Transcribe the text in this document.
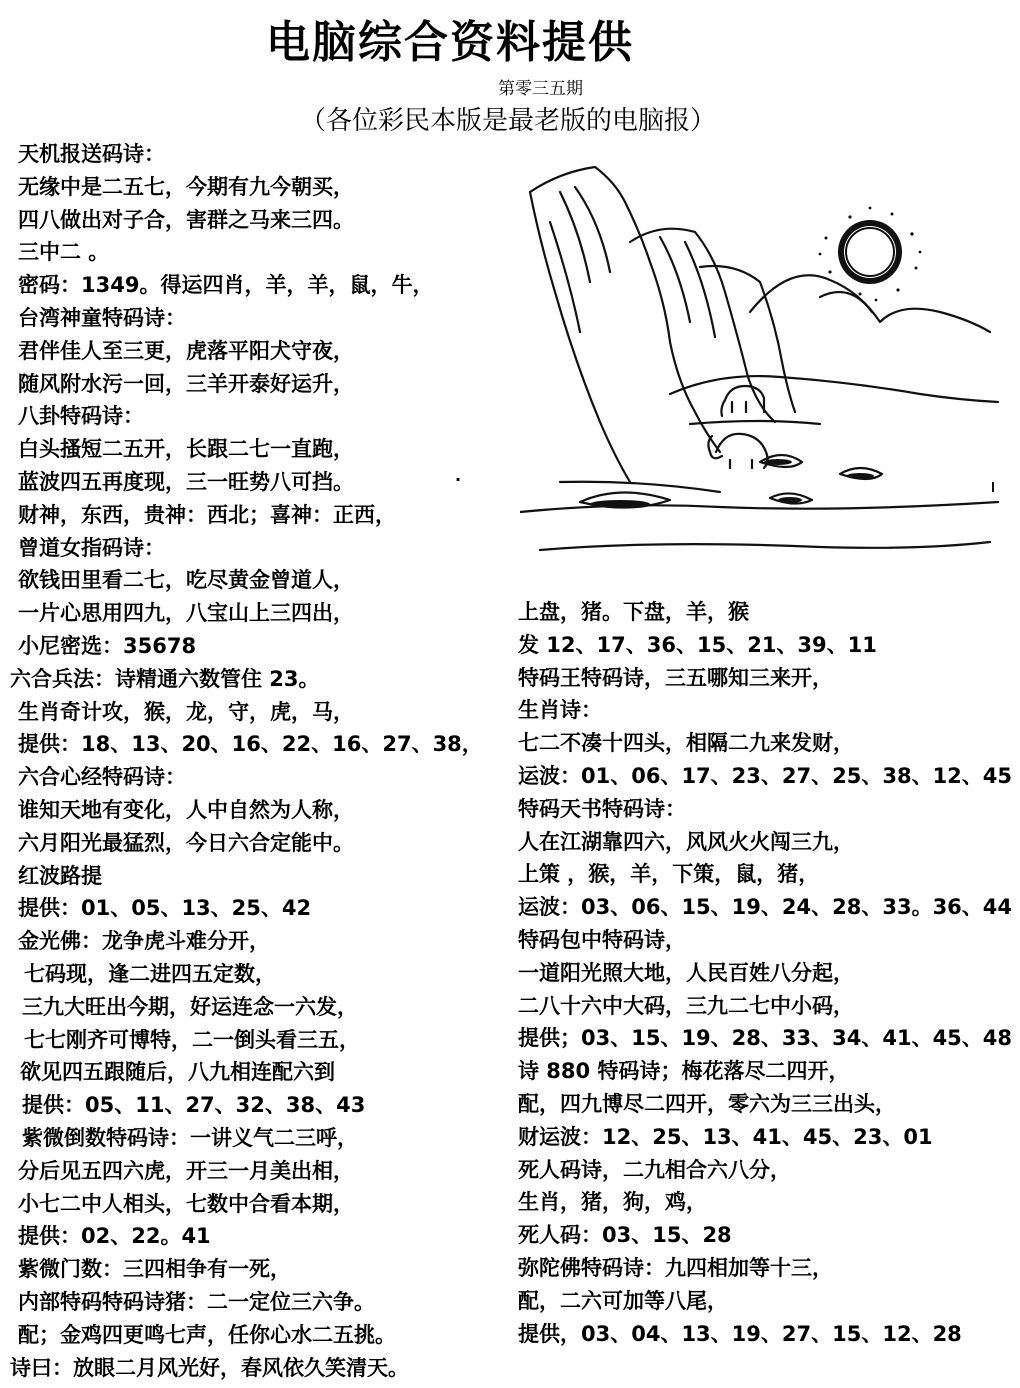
电脑综合资料提供
第零三五期
（各位彩民本版是最老版的电脑报）
天机报送码诗：
无缘中是二五七，今期有九今朝买，
四八做出对子合，害群之马来三四。
三中二 。
密码：1349。得运四肖，羊，羊，鼠，牛，
台湾神童特码诗：
君伴佳人至三更，虎落平阳犬守夜，
随风附水污一回，三羊开泰好运升，
八卦特码诗：
白头搔短二五开，长跟二七一直跑，
蓝波四五再度现，三一旺势八可挡。
财神，东西，贵神：西北；喜神：正西，
曾道女指码诗：
欲钱田里看二七，吃尽黄金曾道人，
一片心思用四九，八宝山上三四出，
小尼密选：35678
六合兵法：诗精通六数管住 23。
生肖奇计攻，猴，龙，守，虎，马，
提供：18、13、20、16、22、16、27、38，
六合心经特码诗：
谁知天地有变化，人中自然为人称，
六月阳光最猛烈，今日六合定能中。
红波路提
提供：01、05、13、25、42
金光佛：龙争虎斗难分开，
七码现，逢二进四五定数，
三九大旺出今期，好运连念一六发，
七七刚齐可博特，二一倒头看三五，
欲见四五跟随后，八九相连配六到
提供：05、11、27、32、38、43
紫微倒数特码诗：一讲义气二三呼，
分后见五四六虎，开三一月美出相，
小七二中人相头，七数中合看本期，
提供：02、22。41
紫微门数：三四相争有一死，
内部特码特码诗猪：二一定位三六争。
配；金鸡四更鸣七声，任你心水二五挑。
诗曰：放眼二月风光好，春风依久笑清天。
上盘，猪。下盘，羊，猴
发 12、17、36、15、21、39、11
特码王特码诗，三五哪知三来开，
生肖诗：
七二不凑十四头，相隔二九来发财，
运波：01、06、17、23、27、25、38、12、45
特码天书特码诗：
人在江湖靠四六，风风火火闯三九，
上策 ，猴，羊，下策，鼠，猪，
运波：03、06、15、19、24、28、33。36、44
特码包中特码诗，
一道阳光照大地，人民百姓八分起，
二八十六中大码，三九二七中小码，
提供；03、15、19、28、33、34、41、45、48
诗 880 特码诗；梅花落尽二四开，
配，四九博尽二四开，零六为三三出头，
财运波：12、25、13、41、45、23、01
死人码诗，二九相合六八分，
生肖，猪，狗，鸡，
死人码：03、15、28
弥陀佛特码诗：九四相加等十三，
配，二六可加等八尾，
提供，03、04、13、19、27、15、12、28
·
